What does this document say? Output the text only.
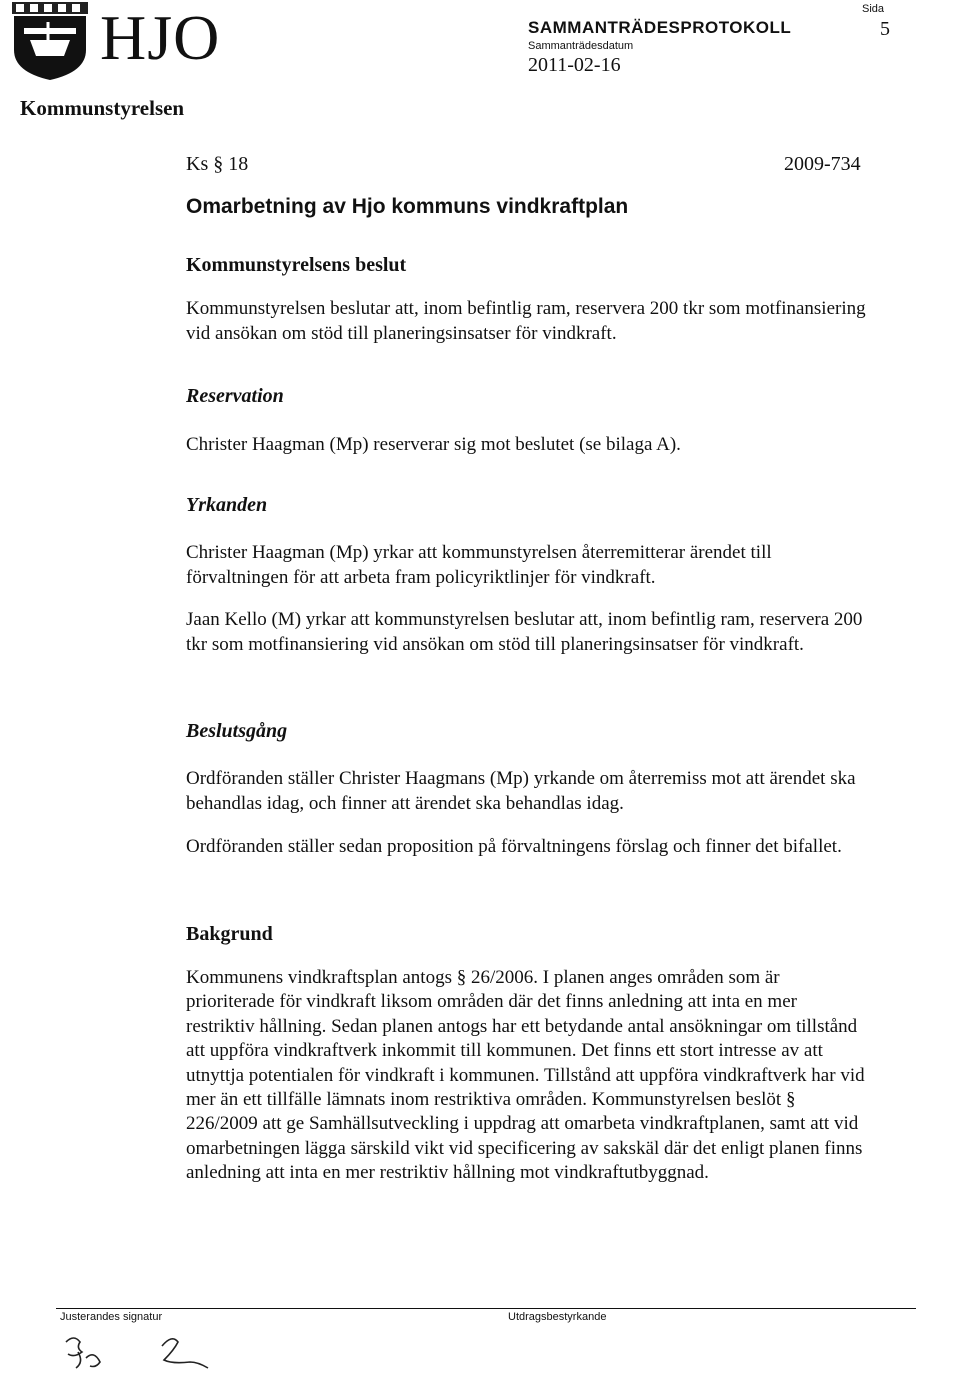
HJO
Kommunstyrelsen
SAMMANTRÄDESPROTOKOLL
Sammanträdesdatum
2011-02-16
Sida
5
Ks § 18	2009-734
Omarbetning av Hjo kommuns vindkraftplan
Kommunstyrelsens beslut
Kommunstyrelsen beslutar att, inom befintlig ram, reservera 200 tkr som motfinansiering vid ansökan om stöd till planeringsinsatser för vindkraft.
Reservation
Christer Haagman (Mp) reserverar sig mot beslutet (se bilaga A).
Yrkanden
Christer Haagman (Mp) yrkar att kommunstyrelsen återremitterar ärendet till förvaltningen för att arbeta fram policyriktlinjer för vindkraft.
Jaan Kello (M) yrkar att kommunstyrelsen beslutar att, inom befintlig ram, reservera 200 tkr som motfinansiering vid ansökan om stöd till planeringsinsatser för vindkraft.
Beslutsgång
Ordföranden ställer Christer Haagmans (Mp) yrkande om återremiss mot att ärendet ska behandlas idag, och finner att ärendet ska behandlas idag.
Ordföranden ställer sedan proposition på förvaltningens förslag och finner det bifallet.
Bakgrund
Kommunens vindkraftsplan antogs § 26/2006. I planen anges områden som är prioriterade för vindkraft liksom områden där det finns anledning att inta en mer restriktiv hållning. Sedan planen antogs har ett betydande antal ansökningar om tillstånd att uppföra vindkraftverk inkommit till kommunen. Det finns ett stort intresse av att utnyttja potentialen för vindkraft i kommunen. Tillstånd att uppföra vindkraftverk har vid mer än ett tillfälle lämnats inom restriktiva områden. Kommunstyrelsen beslöt § 226/2009 att ge Samhällsutveckling i uppdrag att omarbeta vindkraftplanen, samt att vid omarbetningen lägga särskild vikt vid specificering av sakskäl där det enligt planen finns anledning att inta en mer restriktiv hållning mot vindkraftutbyggnad.
Justerandes signatur	Utdragsbestyrkande
